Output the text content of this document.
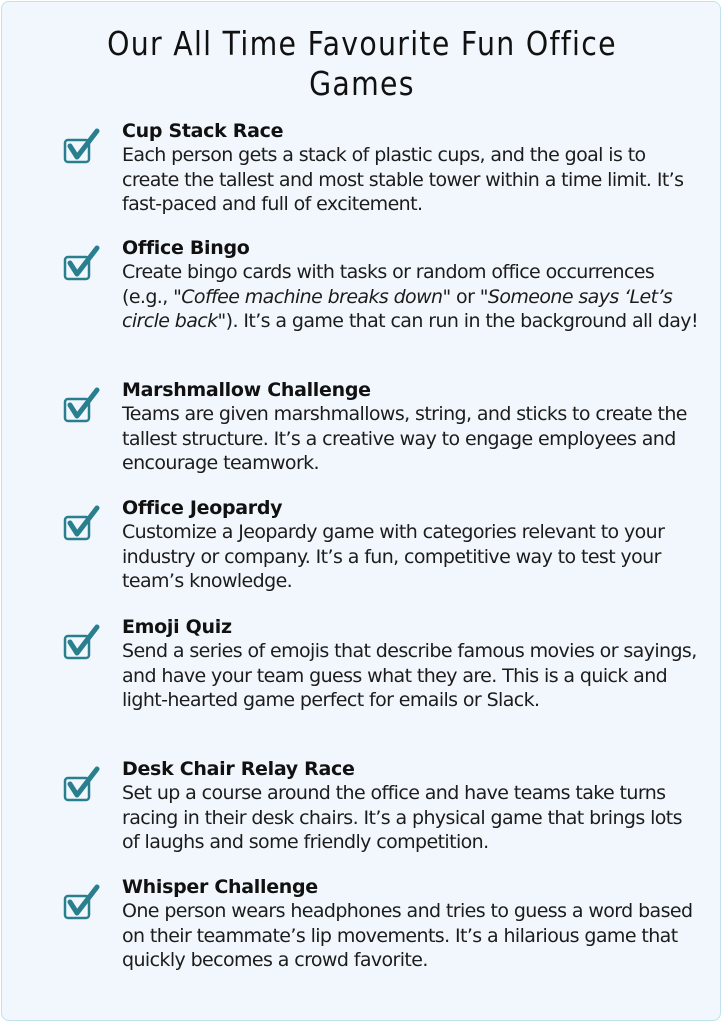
Our All Time Favourite Fun Office Games
Cup Stack Race
Each person gets a stack of plastic cups, and the goal is to create the tallest and most stable tower within a time limit. It’s fast-paced and full of excitement.
Office Bingo
Create bingo cards with tasks or random office occurrences (e.g., "Coffee machine breaks down" or "Someone says ‘Let’s circle back"). It’s a game that can run in the background all day!
Marshmallow Challenge
Teams are given marshmallows, string, and sticks to create the tallest structure. It’s a creative way to engage employees and encourage teamwork.
Office Jeopardy
Customize a Jeopardy game with categories relevant to your industry or company. It’s a fun, competitive way to test your team’s knowledge.
Emoji Quiz
Send a series of emojis that describe famous movies or sayings, and have your team guess what they are. This is a quick and light-hearted game perfect for emails or Slack.
Desk Chair Relay Race
Set up a course around the office and have teams take turns racing in their desk chairs. It’s a physical game that brings lots of laughs and some friendly competition.
Whisper Challenge
One person wears headphones and tries to guess a word based on their teammate’s lip movements. It’s a hilarious game that quickly becomes a crowd favorite.
